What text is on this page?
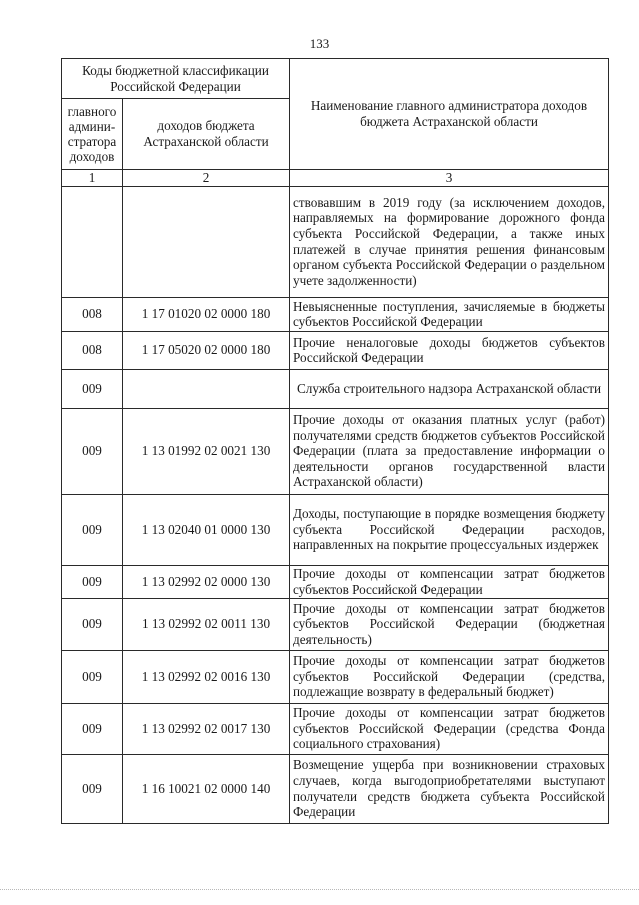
133
Коды бюджетной классификации Российской Федерации		Наименование главного администратора доходов бюджета Астраханской области
главного админи-стратора доходов	доходов бюджета Астраханской области	
1	2	3
		ствовавшим в 2019 году (за исключением доходов, направляемых на формирование дорожного фонда субъекта Российской Федерации, а также иных платежей в случае принятия решения финансовым органом субъекта Российской Федерации о раздельном учете задолженности)
008	1 17 01020 02 0000 180	Невыясненные поступления, зачисляемые в бюджеты субъектов Российской Федерации
008	1 17 05020 02 0000 180	Прочие неналоговые доходы бюджетов субъектов Российской Федерации
009		Служба строительного надзора Астраханской области
009	1 13 01992 02 0021 130	Прочие доходы от оказания платных услуг (работ) получателями средств бюджетов субъектов Российской Федерации (плата за предоставление информации о деятельности органов государственной власти Астраханской области)
009	1 13 02040 01 0000 130	Доходы, поступающие в порядке возмещения бюджету субъекта Российской Федерации расходов, направленных на покрытие процессуальных издержек
009	1 13 02992 02 0000 130	Прочие доходы от компенсации затрат бюджетов субъектов Российской Федерации
009	1 13 02992 02 0011 130	Прочие доходы от компенсации затрат бюджетов субъектов Российской Федерации (бюджетная деятельность)
009	1 13 02992 02 0016 130	Прочие доходы от компенсации затрат бюджетов субъектов Российской Федерации (средства, подлежащие возврату в федеральный бюджет)
009	1 13 02992 02 0017 130	Прочие доходы от компенсации затрат бюджетов субъектов Российской Федерации (средства Фонда социального страхования)
009	1 16 10021 02 0000 140	Возмещение ущерба при возникновении страховых случаев, когда выгодоприобретателями выступают получатели средств бюджета субъекта Российской Федерации
